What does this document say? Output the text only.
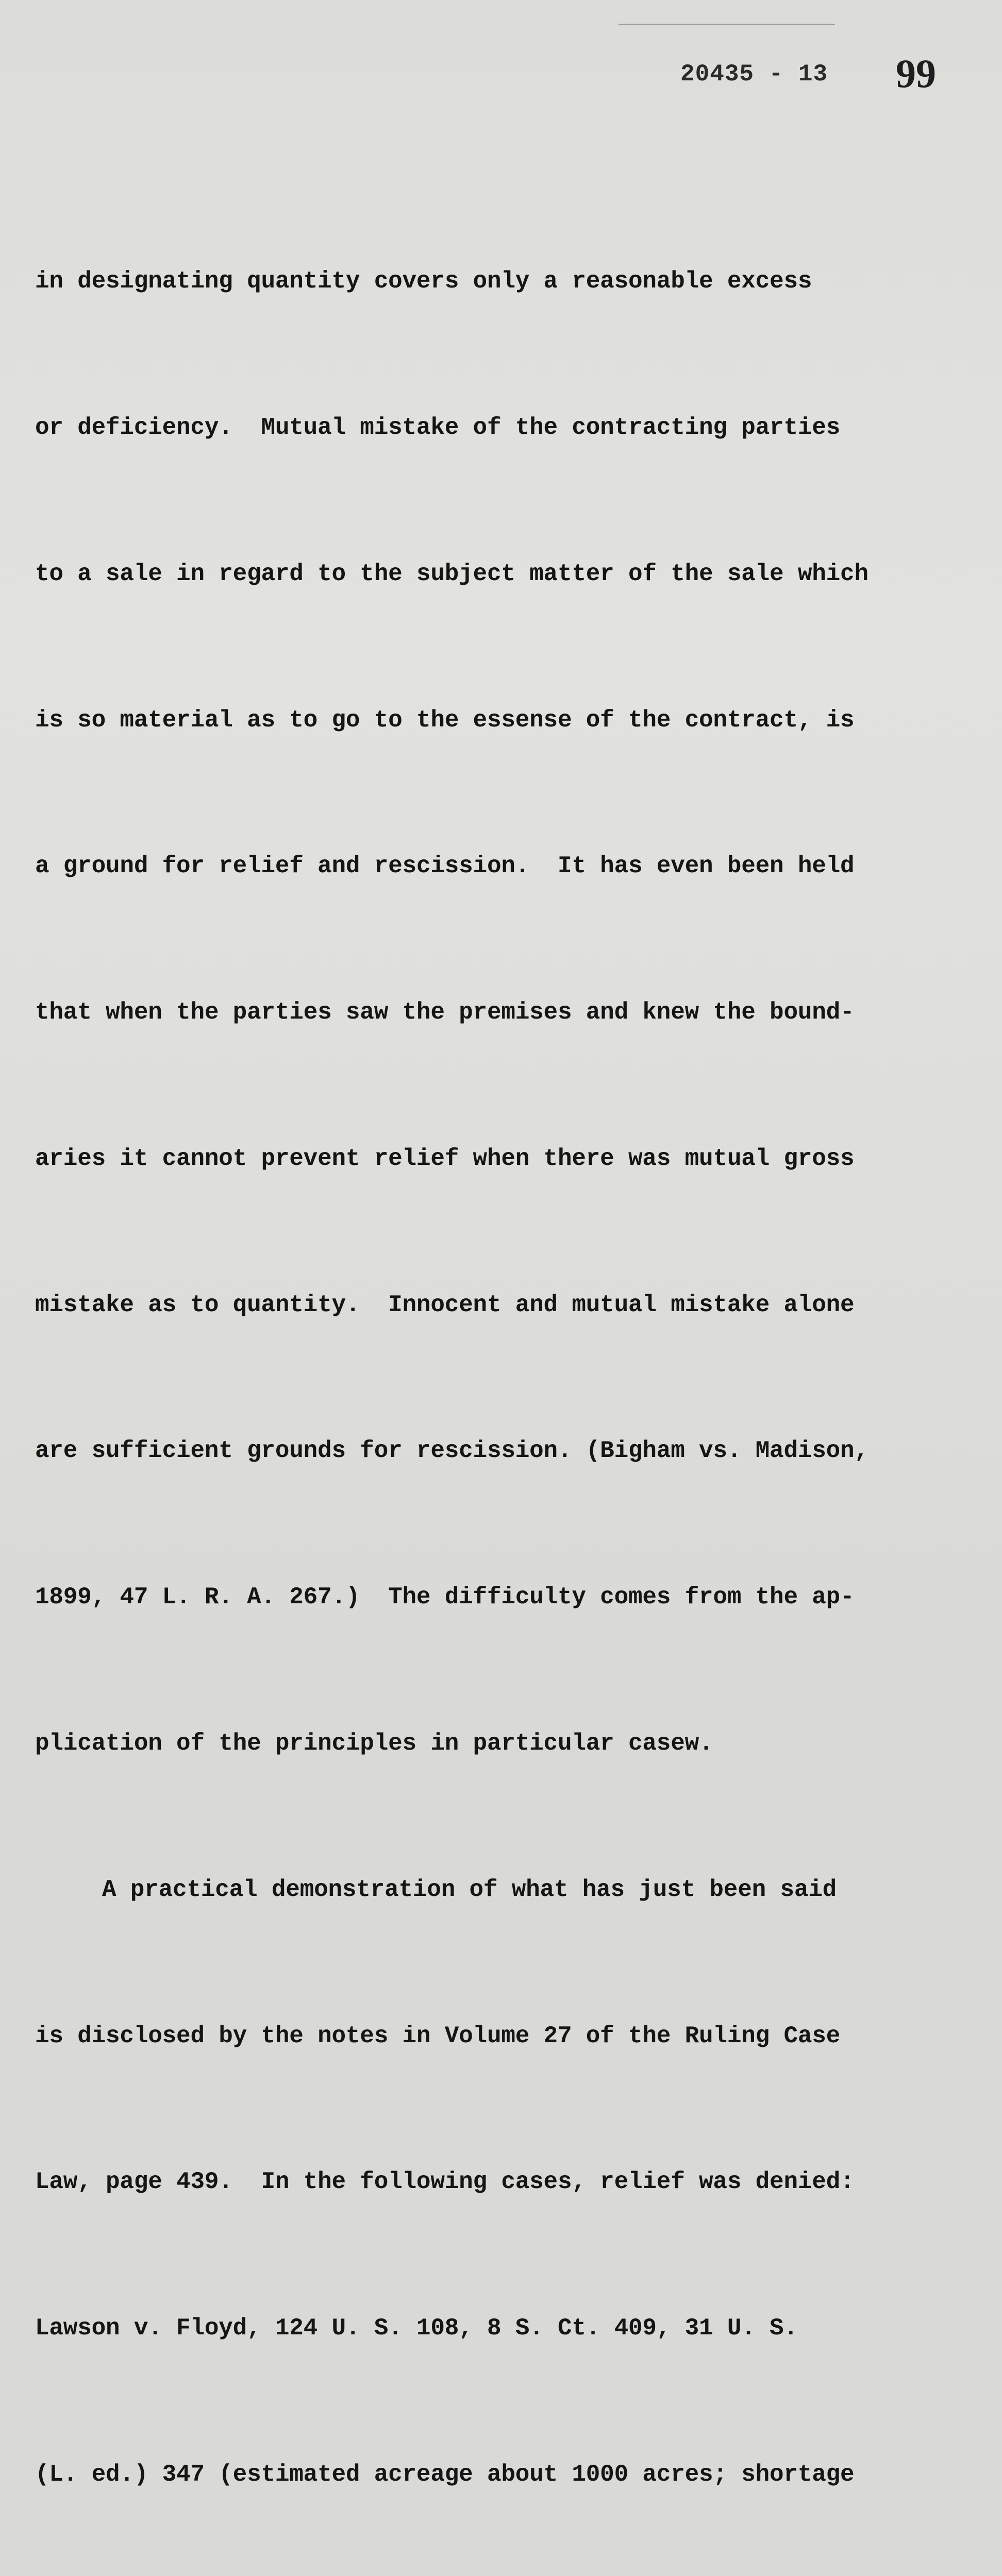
20435 - 13 99

in designating quantity covers only a reasonable excess

or deficiency.  Mutual mistake of the contracting parties

to a sale in regard to the subject matter of the sale which

is so material as to go to the essense of the contract, is

a ground for relief and rescission.  It has even been held

that when the parties saw the premises and knew the bound-

aries it cannot prevent relief when there was mutual gross

mistake as to quantity.  Innocent and mutual mistake alone

are sufficient grounds for rescission. (Bigham vs. Madison,

1899, 47 L. R. A. 267.)  The difficulty comes from the ap-

plication of the principles in particular casew.

A practical demonstration of what has just been said

is disclosed by the notes in Volume 27 of the Ruling Case

Law, page 439.  In the following cases, relief was denied:

Lawson v. Floyd, 124 U. S. 108, 8 S. Ct. 409, 31 U. S.

(L. ed.) 347 (estimated acreage about 1000 acres; shortage
